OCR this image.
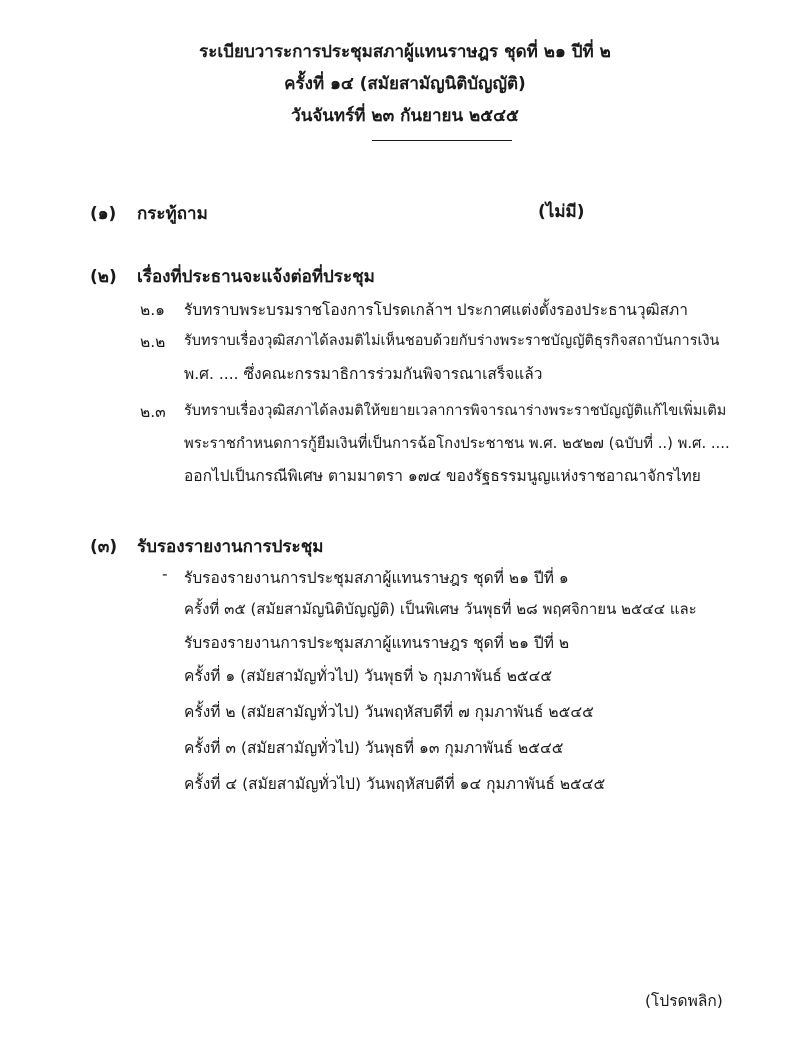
ระเบียบวาระการประชุมสภาผู้แทนราษฎร ชุดที่ ๒๑ ปีที่ ๒
ครั้งที่ ๑๔ (สมัยสามัญนิติบัญญัติ)
วันจันทร์ที่ ๒๓ กันยายน ๒๕๔๕
(๑) กระทู้ถาม	(ไม่มี)
(๒) เรื่องที่ประธานจะแจ้งต่อที่ประชุม
๒.๑ รับทราบพระบรมราชโองการโปรดเกล้าฯ ประกาศแต่งตั้งรองประธานวุฒิสภา
๒.๒ รับทราบเรื่องวุฒิสภาได้ลงมติไม่เห็นชอบด้วยกับร่างพระราชบัญญัติธุรกิจสถาบันการเงิน
พ.ศ. .... ซึ่งคณะกรรมาธิการร่วมกันพิจารณาเสร็จแล้ว
๒.๓ รับทราบเรื่องวุฒิสภาได้ลงมติให้ขยายเวลาการพิจารณาร่างพระราชบัญญัติแก้ไขเพิ่มเติม
พระราชกำหนดการกู้ยืมเงินที่เป็นการฉ้อโกงประชาชน พ.ศ. ๒๕๒๗ (ฉบับที่ ..) พ.ศ. ....
ออกไปเป็นกรณีพิเศษ ตามมาตรา ๑๗๔ ของรัฐธรรมนูญแห่งราชอาณาจักรไทย
(๓) รับรองรายงานการประชุม
- รับรองรายงานการประชุมสภาผู้แทนราษฎร ชุดที่ ๒๑ ปีที่ ๑
ครั้งที่ ๓๕ (สมัยสามัญนิติบัญญัติ) เป็นพิเศษ วันพุธที่ ๒๘ พฤศจิกายน ๒๕๔๔ และ
รับรองรายงานการประชุมสภาผู้แทนราษฎร ชุดที่ ๒๑ ปีที่ ๒
ครั้งที่ ๑ (สมัยสามัญทั่วไป) วันพุธที่ ๖ กุมภาพันธ์ ๒๕๔๕
ครั้งที่ ๒ (สมัยสามัญทั่วไป) วันพฤหัสบดีที่ ๗ กุมภาพันธ์ ๒๕๔๕
ครั้งที่ ๓ (สมัยสามัญทั่วไป) วันพุธที่ ๑๓ กุมภาพันธ์ ๒๕๔๕
ครั้งที่ ๔ (สมัยสามัญทั่วไป) วันพฤหัสบดีที่ ๑๔ กุมภาพันธ์ ๒๕๔๕
(โปรดพลิก)
